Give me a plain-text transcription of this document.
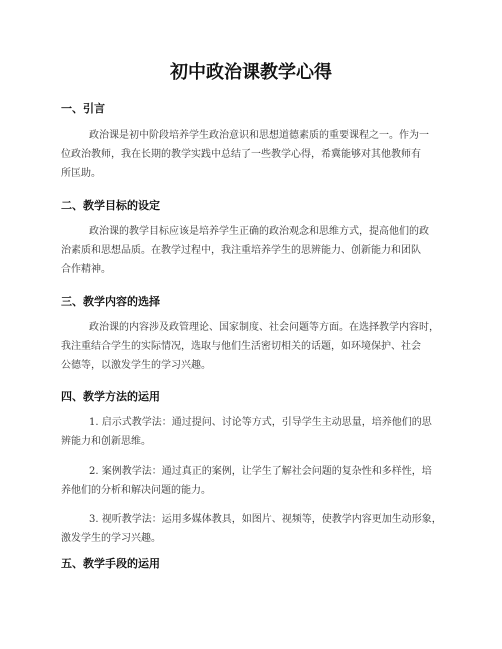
初中政治课教学心得
一、引言
政治课是初中阶段培养学生政治意识和思想道德素质的重要课程之一。作为一
位政治教师，我在长期的教学实践中总结了一些教学心得，希冀能够对其他教师有
所匡助。
二、教学目标的设定
政治课的教学目标应该是培养学生正确的政治观念和思维方式，提高他们的政
治素质和思想品质。在教学过程中，我注重培养学生的思辨能力、创新能力和团队
合作精神。
三、教学内容的选择
政治课的内容涉及政管理论、国家制度、社会问题等方面。在选择教学内容时，
我注重结合学生的实际情况，选取与他们生活密切相关的话题，如环境保护、社会
公德等，以激发学生的学习兴趣。
四、教学方法的运用
1. 启示式教学法：通过提问、讨论等方式，引导学生主动思量，培养他们的思
辨能力和创新思维。
2. 案例教学法：通过真正的案例，让学生了解社会问题的复杂性和多样性，培
养他们的分析和解决问题的能力。
3. 视听教学法：运用多媒体教具，如图片、视频等，使教学内容更加生动形象，
激发学生的学习兴趣。
五、教学手段的运用
